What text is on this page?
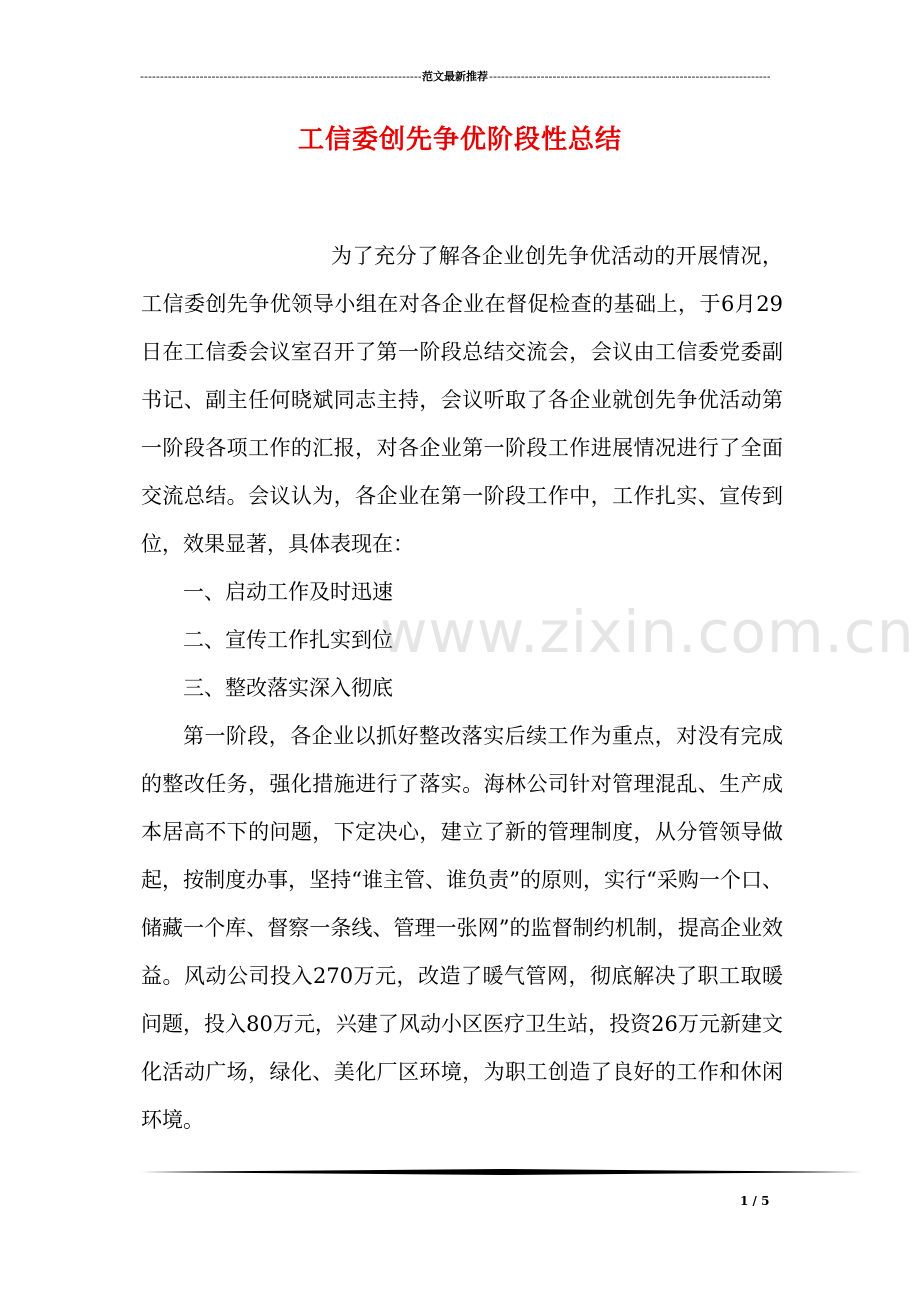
-----
范文最新推荐
-----
工信委创先争优阶段性总结

为了充分了解各企业创先争优活动的开展情况，工信委创先争优领导小组在对各企业在督促检查的基础上，于6月29日在工信委会议室召开了第一阶段总结交流会，会议由工信委党委副书记、副主任何晓斌同志主持，会议听取了各企业就创先争优活动第一阶段各项工作的汇报，对各企业第一阶段工作进展情况进行了全面交流总结。会议认为，各企业在第一阶段工作中，工作扎实、宣传到位，效果显著，具体表现在：

一、启动工作及时迅速

二、宣传工作扎实到位

三、整改落实深入彻底

第一阶段，各企业以抓好整改落实后续工作为重点，对没有完成的整改任务，强化措施进行了落实。海林公司针对管理混乱、生产成本居高不下的问题，下定决心，建立了新的管理制度，从分管领导做起，按制度办事，坚持“谁主管、谁负责”的原则，实行“采购一个口、储藏一个库、督察一条线、管理一张网”的监督制约机制，提高企业效益。风动公司投入270万元，改造了暖气管网，彻底解决了职工取暖问题，投入80万元，兴建了风动小区医疗卫生站，投资26万元新建文化活动广场，绿化、美化厂区环境，为职工创造了良好的工作和休闲环境。

www.zixin.com.cn
1 / 5
